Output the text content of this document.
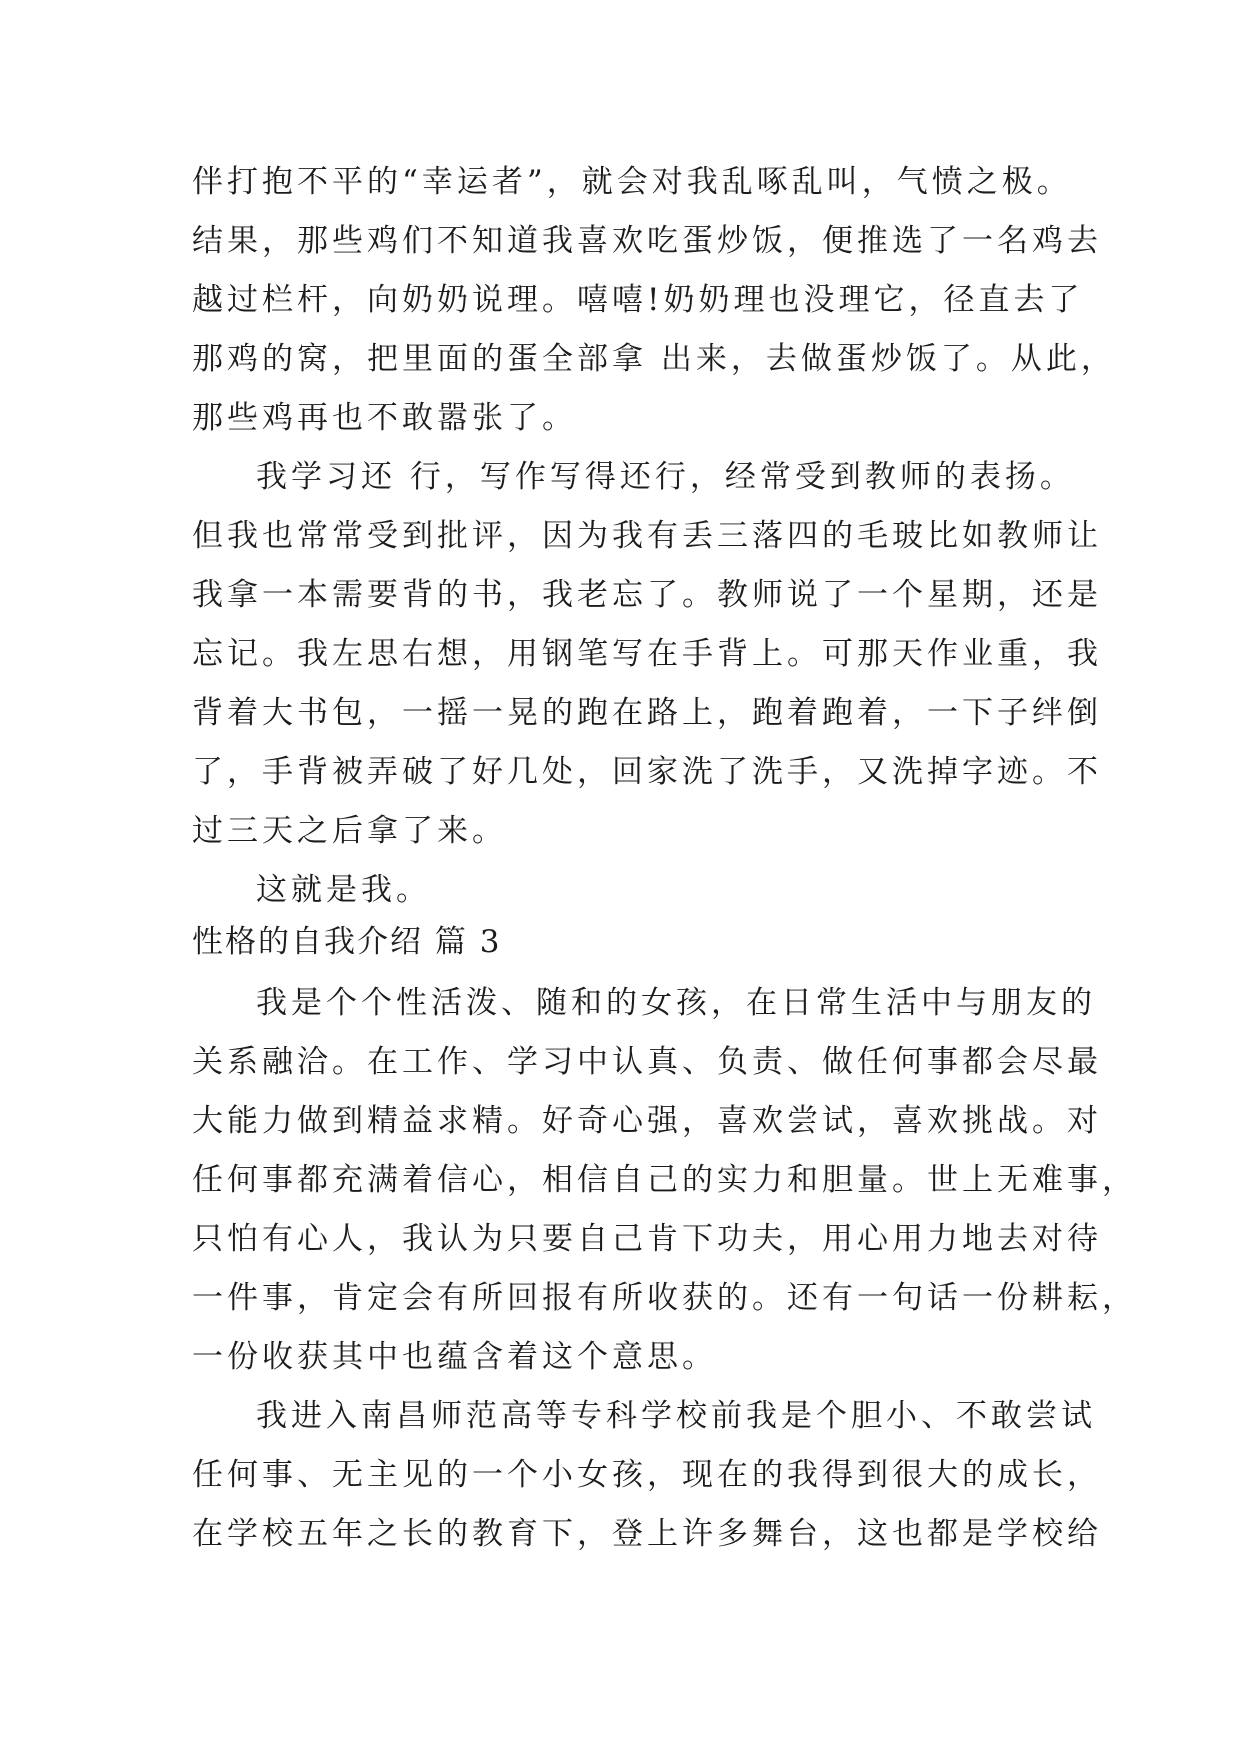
伴打抱不平的“幸运者”，就会对我乱啄乱叫，气愤之极。
结果，那些鸡们不知道我喜欢吃蛋炒饭，便推选了一名鸡去
越过栏杆，向奶奶说理。嘻嘻!奶奶理也没理它，径直去了
那鸡的窝，把里面的蛋全部拿 出来，去做蛋炒饭了。从此，
那些鸡再也不敢嚣张了。
我学习还 行，写作写得还行，经常受到教师的表扬。
但我也常常受到批评，因为我有丢三落四的毛玻比如教师让
我拿一本需要背的书，我老忘了。教师说了一个星期，还是
忘记。我左思右想，用钢笔写在手背上。可那天作业重，我
背着大书包，一摇一晃的跑在路上，跑着跑着，一下子绊倒
了，手背被弄破了好几处，回家洗了洗手，又洗掉字迹。不
过三天之后拿了来。
这就是我。
性格的自我介绍 篇 3
我是个个性活泼、随和的女孩，在日常生活中与朋友的
关系融洽。在工作、学习中认真、负责、做任何事都会尽最
大能力做到精益求精。好奇心强，喜欢尝试，喜欢挑战。对
任何事都充满着信心，相信自己的实力和胆量。世上无难事，
只怕有心人，我认为只要自己肯下功夫，用心用力地去对待
一件事，肯定会有所回报有所收获的。还有一句话一份耕耘，
一份收获其中也蕴含着这个意思。
我进入南昌师范高等专科学校前我是个胆小、不敢尝试
任何事、无主见的一个小女孩，现在的我得到很大的成长，
在学校五年之长的教育下，登上许多舞台，这也都是学校给
